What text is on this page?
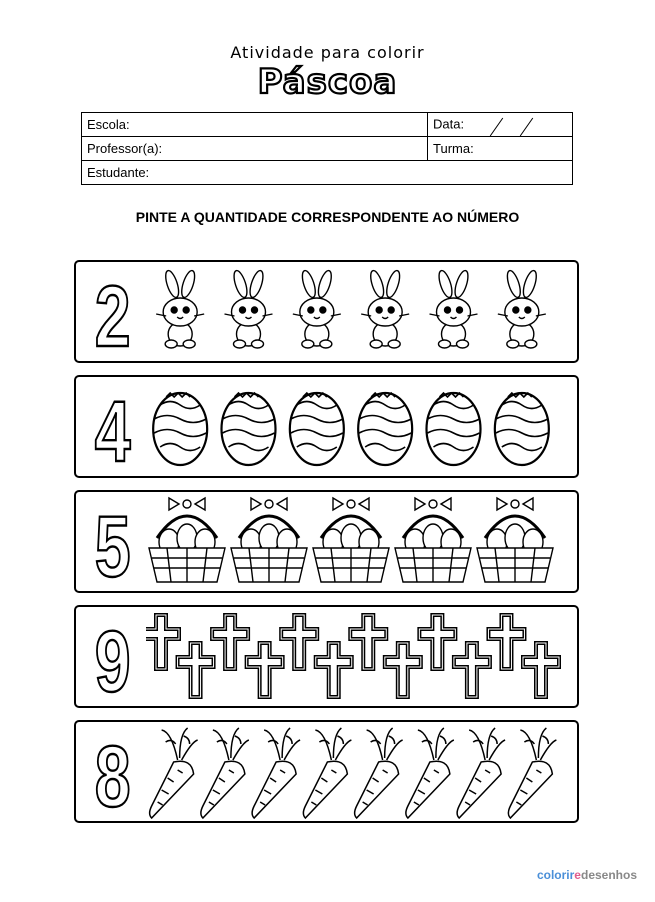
Atividade para colorir
Páscoa
Escola:	Data:

Professor(a):	Turma:
Estudante:	
PINTE A QUANTIDADE CORRESPONDENTE AO NÚMERO
2
4
5
9
8
coloriredesenhos
